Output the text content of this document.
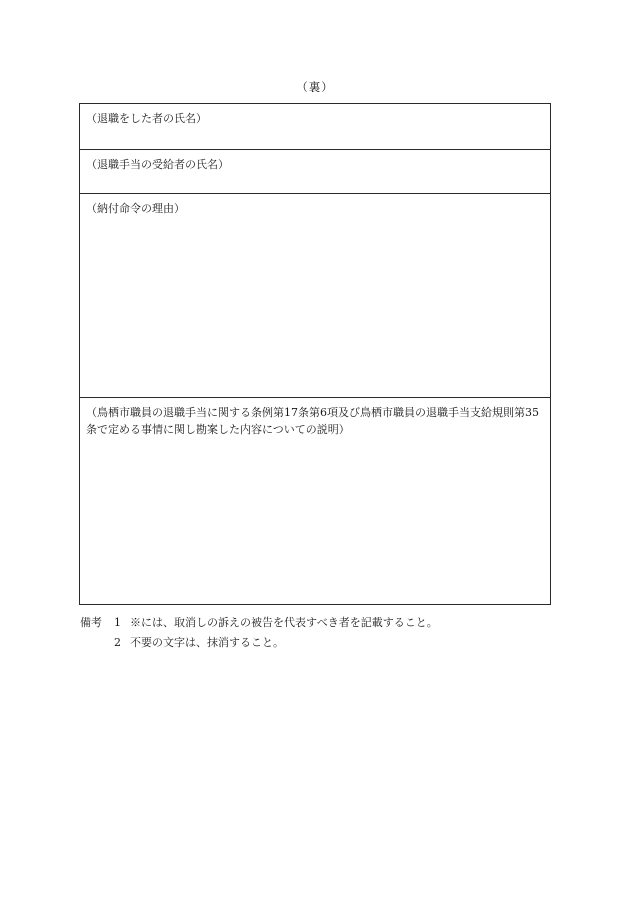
（裏）
（退職をした者の氏名）
（退職手当の受給者の氏名）
（納付命令の理由）
（鳥栖市職員の退職手当に関する条例第17条第6項及び鳥栖市職員の退職手当支給規則第35条で定める事情に関し勘案した内容についての説明）
備考	1 ※には、取消しの訴えの被告を代表すべき者を記載すること。
2 不要の文字は、抹消すること。
